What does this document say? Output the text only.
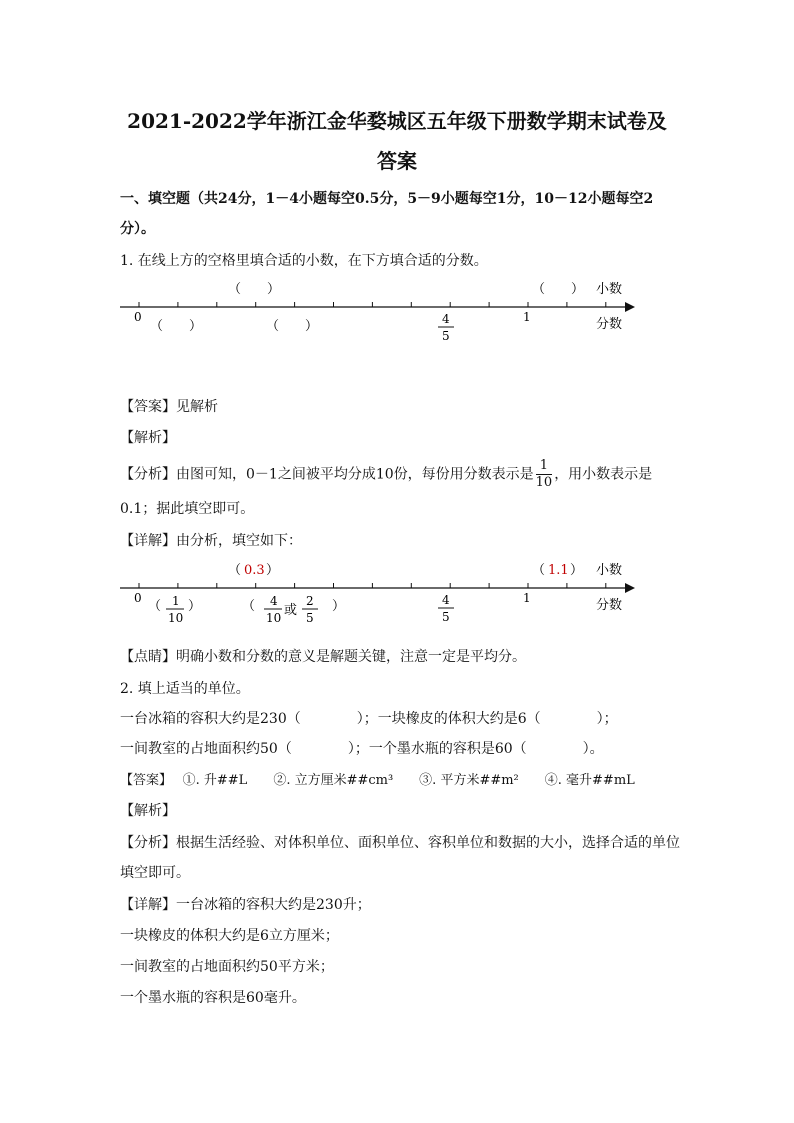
2021-2022学年浙江金华婺城区五年级下册数学期末试卷及
答案
一、填空题（共24分，1－4小题每空0.5分，5－9小题每空1分，10－12小题每空2
分）。
1. 在线上方的空格里填合适的小数，在下方填合适的分数。
0	1
（　　）	（　　）
（　　）	（　　）	4
5
小数
分数
【答案】见解析
【解析】
【分析】由图可知，0－1之间被平均分成10份，每份用分数表示是 $\frac{1}{10}$ ，用小数表示是
0.1；据此填空即可。
【详解】由分析，填空如下：
0	1
（ 0.3 ）	（ 1.1 ）
（ 1
10
）	（ 4
10 或
2
5
）	4
5
小数
分数
【点睛】明确小数和分数的意义是解题关键，注意一定是平均分。
2. 填上适当的单位。
一台冰箱的容积大约是230（　　　　）；一块橡皮的体积大约是6（　　　　）；
一间教室的占地面积约50（　　　　）；一个墨水瓶的容积是60（　　　　）。
【答案】　 ①. 升##L　　②. 立方厘米##cm³　　③. 平方米##m²　　④. 毫升##mL
【解析】
【分析】根据生活经验、对体积单位、面积单位、容积单位和数据的大小，选择合适的单位
填空即可。
【详解】一台冰箱的容积大约是230升；
一块橡皮的体积大约是6立方厘米；
一间教室的占地面积约50平方米；
一个墨水瓶的容积是60毫升。
